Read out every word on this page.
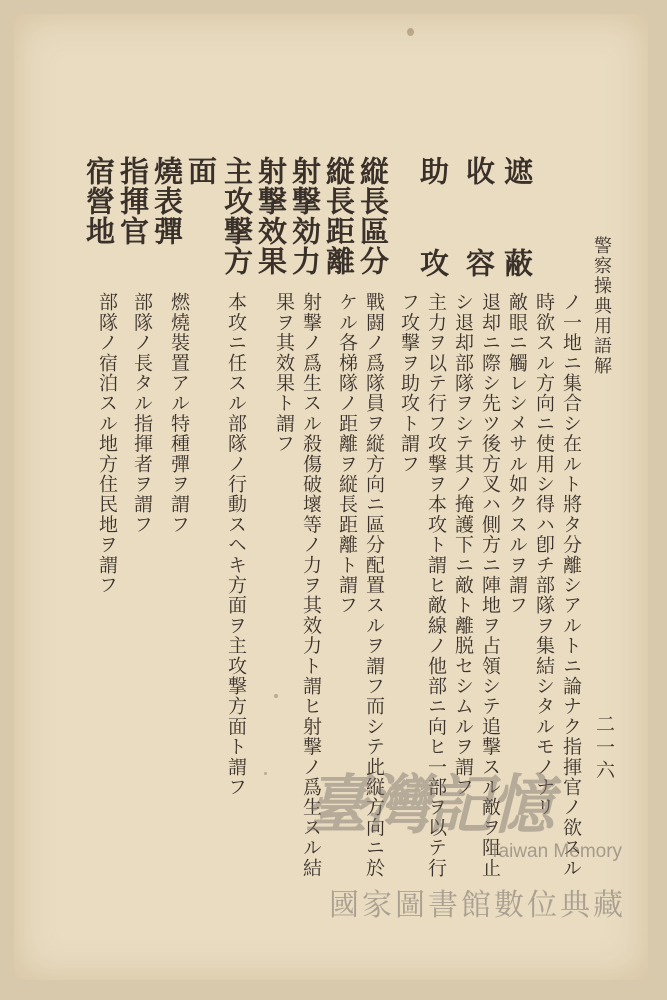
警察操典用語解
二一六
遮
蔽
收
容
助
攻
縦長區分
縦長距離
射撃効力
射撃效果
主攻撃方
面
燒表彈
指揮官
宿營地
ノ一地ニ集合シ在ルト將タ分離シアルトニ論ナク指揮官ノ欲スル
時欲スル方向ニ使用シ得ハ卽チ部隊ヲ集結シタルモノナリ
敵眼ニ觸レシメサル如クスルヲ謂フ
退却ニ際シ先ツ後方叉ハ側方ニ陣地ヲ占領シテ追撃スル敵ヲ阻止
シ退却部隊ヲシテ其ノ掩護下ニ敵ト離脱セシムルヲ謂フ
主力ヲ以テ行フ攻撃ヲ本攻ト謂ヒ敵線ノ他部ニ向ヒ一部ヲ以テ行
フ攻撃ヲ助攻ト謂フ
戰闘ノ爲隊員ヲ縦方向ニ區分配置スルヲ謂フ而シテ此縦方向ニ於
ケル各梯隊ノ距離ヲ縦長距離ト謂フ
射撃ノ爲生スル殺傷破壞等ノ力ヲ其效力ト謂ヒ射撃ノ爲生スル結
果ヲ其效果ト謂フ
本攻ニ任スル部隊ノ行動スヘキ方面ヲ主攻撃方面ト謂フ
燃燒裝置アル特種彈ヲ謂フ
部隊ノ長タル指揮者ヲ謂フ
部隊ノ宿泊スル地方住民地ヲ謂フ
臺灣記憶
Taiwan Memory
國家圖書館數位典藏
